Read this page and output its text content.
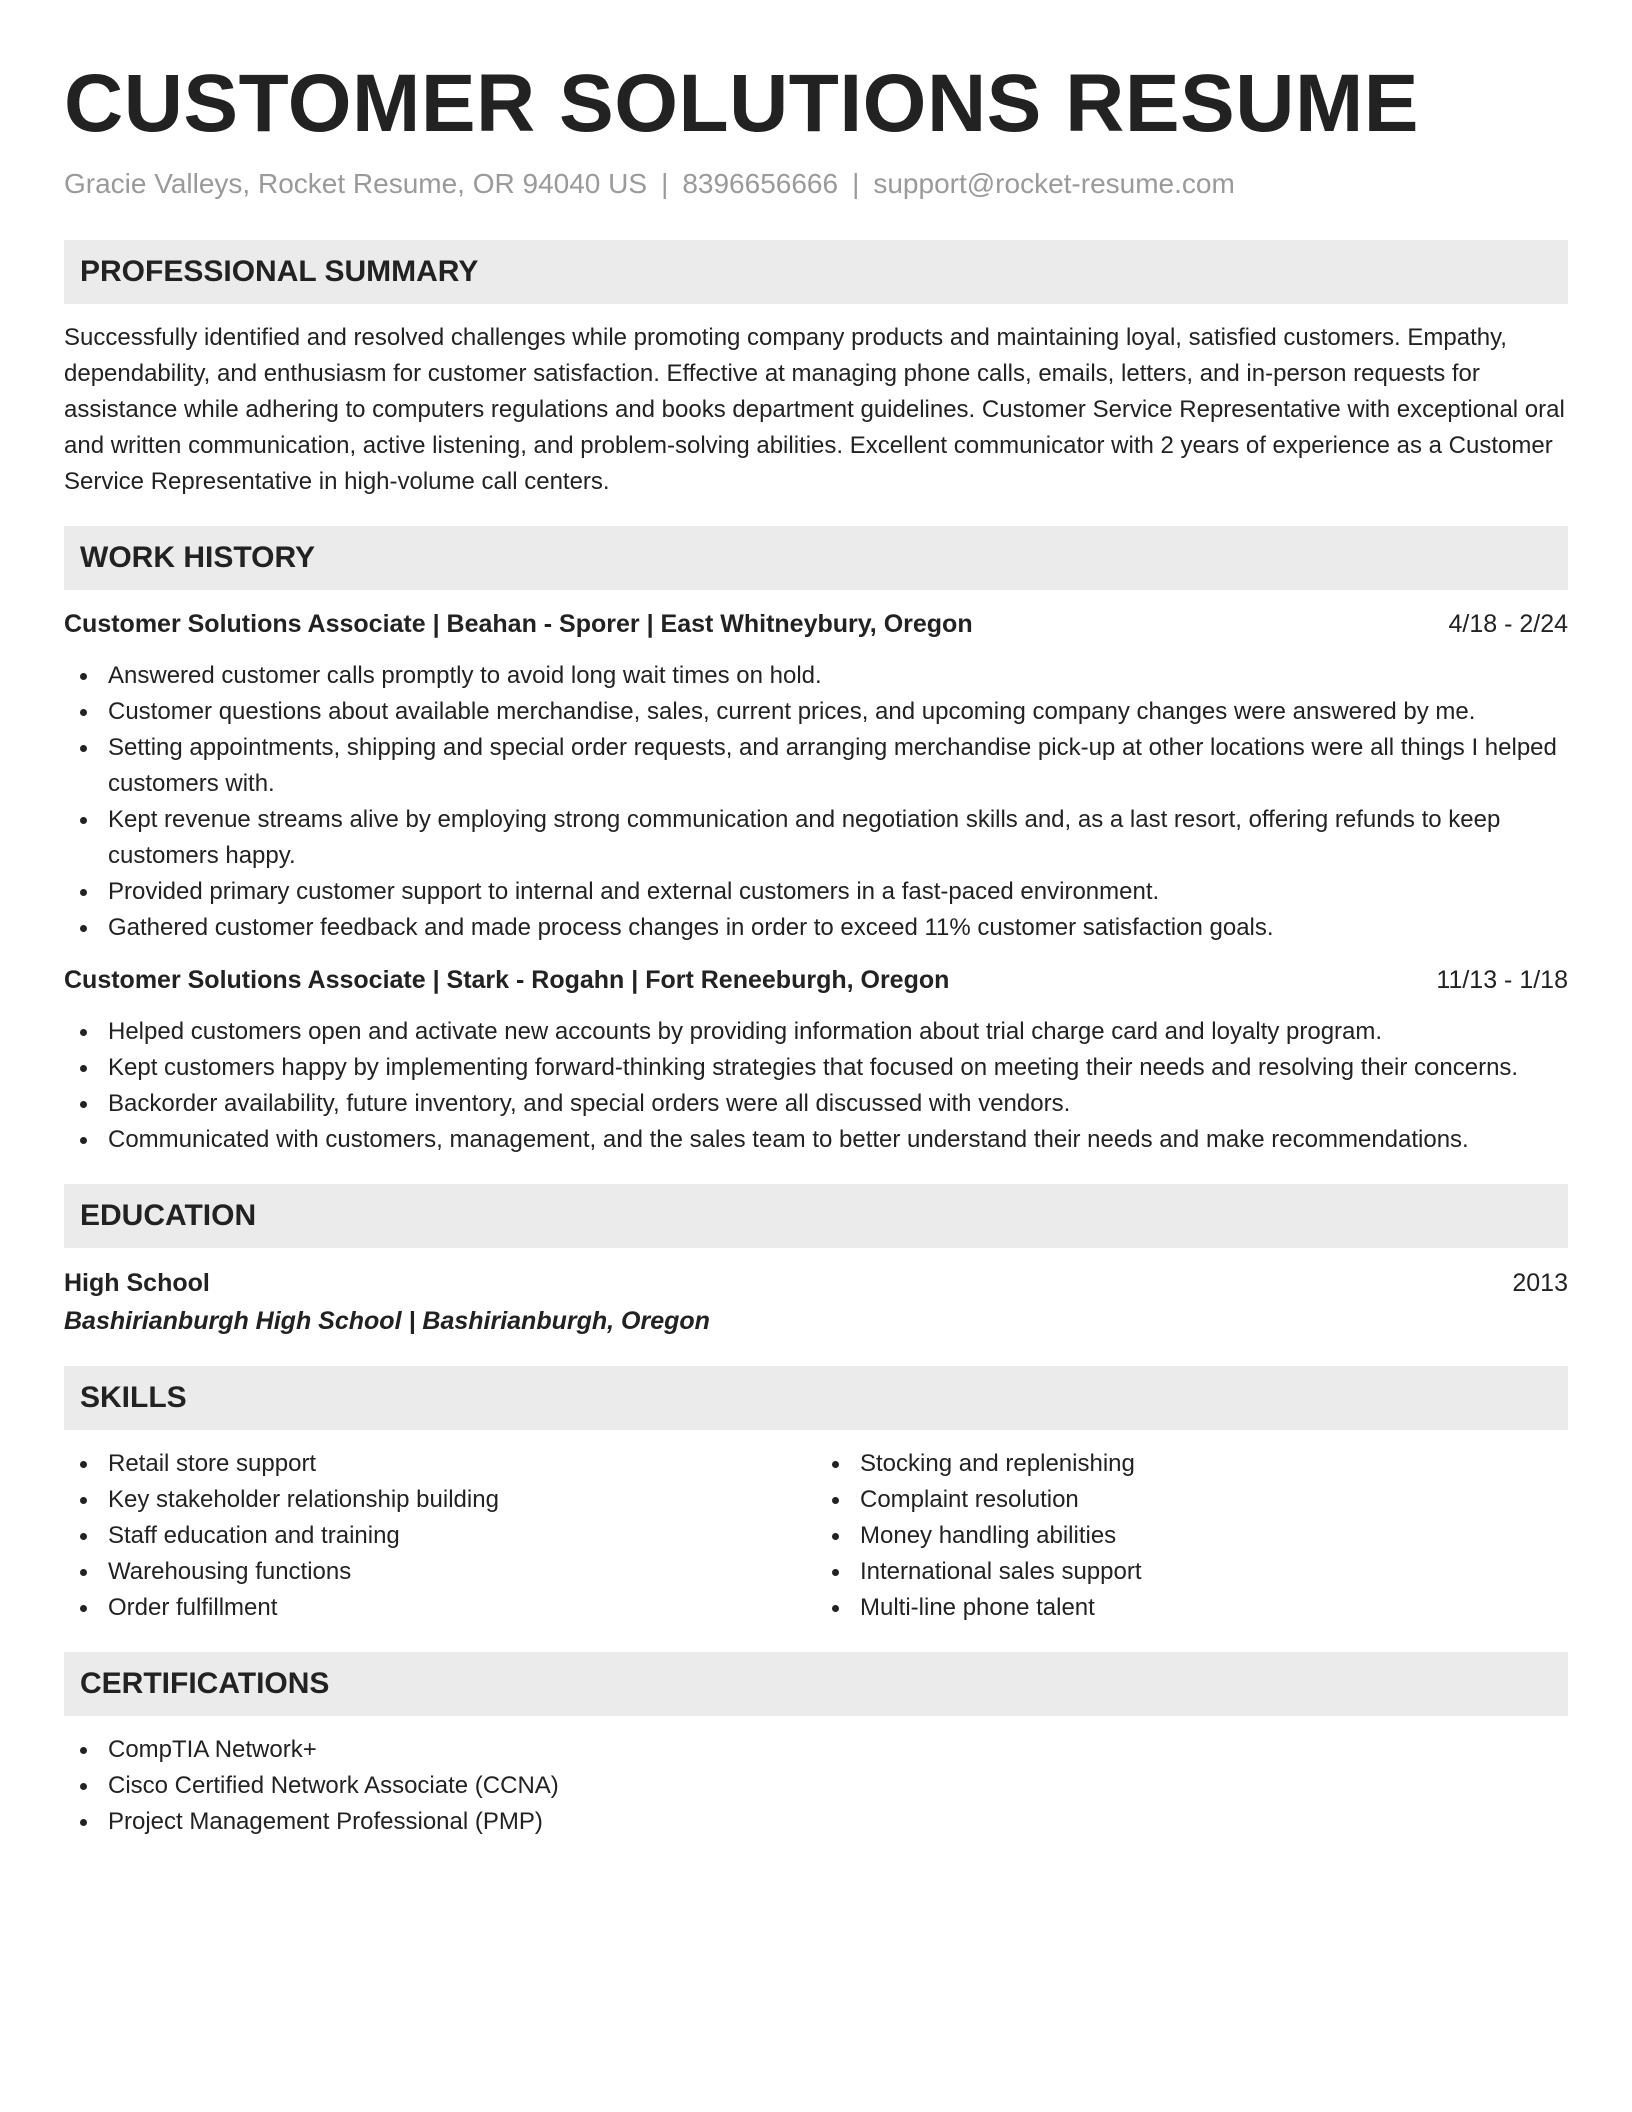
CUSTOMER SOLUTIONS RESUME
Gracie Valleys, Rocket Resume, OR 94040 US | 8396656666 | support@rocket-resume.com
PROFESSIONAL SUMMARY

Successfully identified and resolved challenges while promoting company products and maintaining loyal, satisfied customers. Empathy, dependability, and enthusiasm for customer satisfaction. Effective at managing phone calls, emails, letters, and in-person requests for assistance while adhering to computers regulations and books department guidelines. Customer Service Representative with exceptional oral and written communication, active listening, and problem-solving abilities. Excellent communicator with 2 years of experience as a Customer Service Representative in high-volume call centers.

WORK HISTORY
Customer Solutions Associate | Beahan - Sporer | East Whitneybury, Oregon	4/18 - 2/24
Answered customer calls promptly to avoid long wait times on hold.
Customer questions about available merchandise, sales, current prices, and upcoming company changes were answered by me.
Setting appointments, shipping and special order requests, and arranging merchandise pick-up at other locations were all things I helped customers with.
Kept revenue streams alive by employing strong communication and negotiation skills and, as a last resort, offering refunds to keep customers happy.
Provided primary customer support to internal and external customers in a fast-paced environment.
Gathered customer feedback and made process changes in order to exceed 11% customer satisfaction goals.
Customer Solutions Associate | Stark - Rogahn | Fort Reneeburgh, Oregon	11/13 - 1/18
Helped customers open and activate new accounts by providing information about trial charge card and loyalty program.
Kept customers happy by implementing forward-thinking strategies that focused on meeting their needs and resolving their concerns.
Backorder availability, future inventory, and special orders were all discussed with vendors.
Communicated with customers, management, and the sales team to better understand their needs and make recommendations.
EDUCATION
High School	2013
Bashirianburgh High School | Bashirianburgh, Oregon
SKILLS
Retail store support
Key stakeholder relationship building
Staff education and training
Warehousing functions
Order fulfillment
Stocking and replenishing
Complaint resolution
Money handling abilities
International sales support
Multi-line phone talent
CERTIFICATIONS
CompTIA Network+
Cisco Certified Network Associate (CCNA)
Project Management Professional (PMP)
